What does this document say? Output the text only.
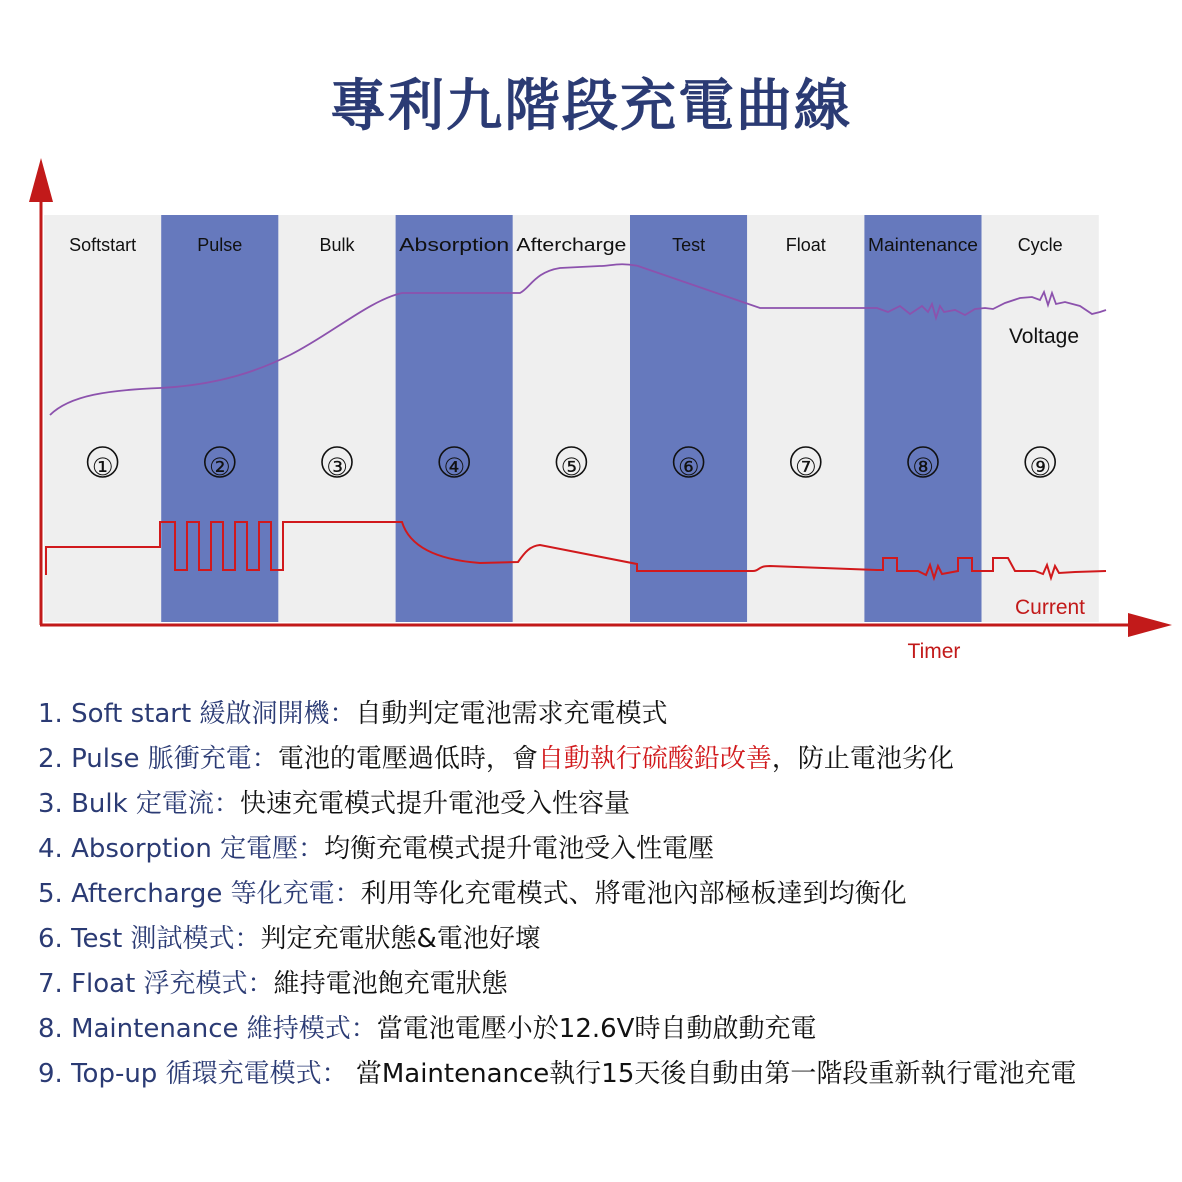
專利九階段充電曲線
Softstart	Pulse	Bulk Absorption Aftercharge	Test	Float Maintenance Cycle
①	②	③	④	⑤	⑥	⑦	⑧	⑨
Voltage
Current
Timer
1. Soft start 緩啟洞開機：自動判定電池需求充電模式
2. Pulse 脈衝充電：電池的電壓過低時，會自動執行硫酸鉛改善，防止電池劣化
3. Bulk 定電流：快速充電模式提升電池受入性容量
4. Absorption 定電壓：均衡充電模式提升電池受入性電壓
5. Aftercharge 等化充電：利用等化充電模式、將電池內部極板達到均衡化
6. Test 測試模式：判定充電狀態&電池好壞
7. Float 浮充模式：維持電池飽充電狀態
8. Maintenance 維持模式：當電池電壓小於12.6V時自動啟動充電
9. Top-up 循環充電模式： 當Maintenance執行15天後自動由第一階段重新執行電池充電
